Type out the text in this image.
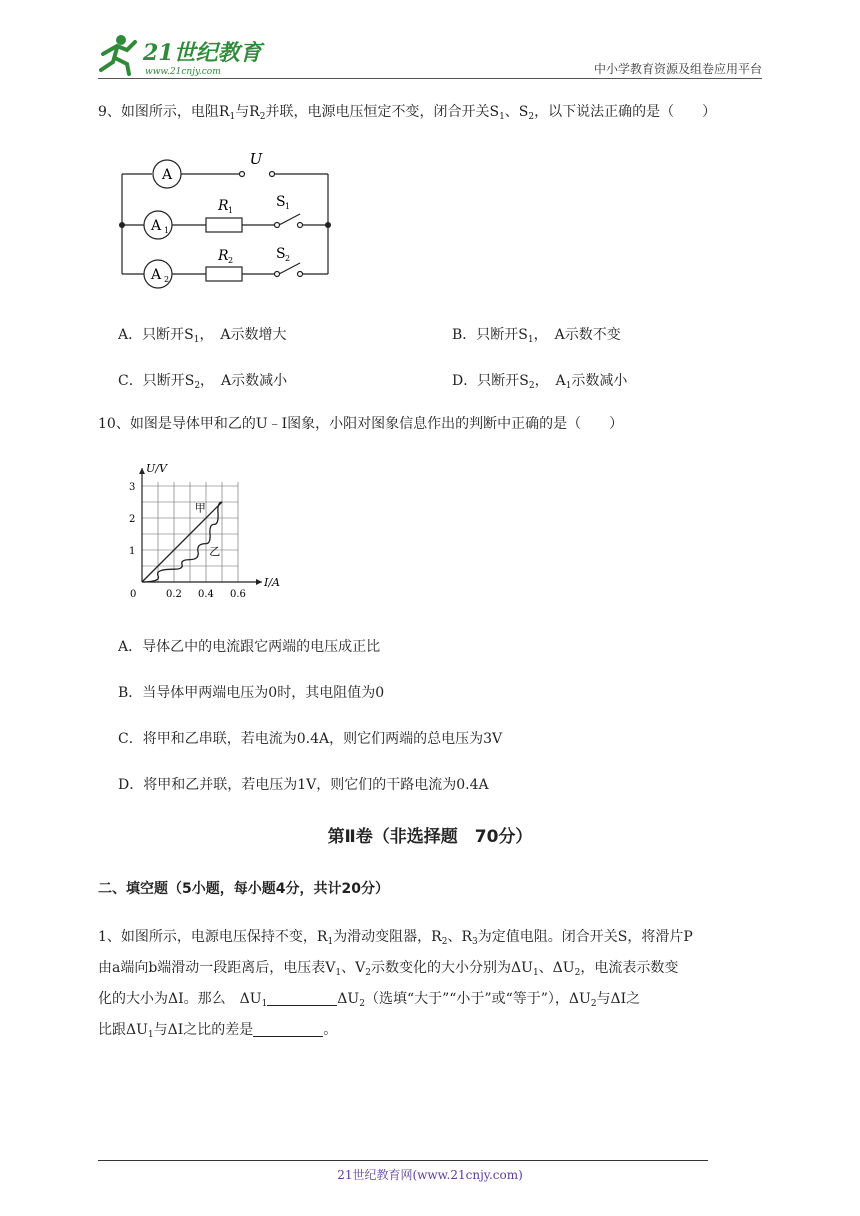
21世纪教育
www.21cnjy.com	中小学教育资源及组卷应用平台
9、如图所示，电阻$R_1$与$R_2$并联，电源电压恒定不变，闭合开关$S_1$、$S_2$，以下说法正确的是（　　）
A
A 1
A 2
U
R 1
R 2
S 1
S 2
A．只断开$S_1$，　A示数增大	B．只断开$S_1$，　A示数不变
C．只断开$S_2$，　A示数减小	D．只断开$S_2$，　$A_1$示数减小
10、如图是导体甲和乙的U﹣I图象，小阳对图象信息作出的判断中正确的是（　　）
0.2 0.4 0.6
1
2
3
0
I/A
U/V
甲
乙
A．导体乙中的电流跟它两端的电压成正比
B．当导体甲两端电压为0时，其电阻值为0
C．将甲和乙串联，若电流为0.4A，则它们两端的总电压为3V
D．将甲和乙并联，若电压为1V，则它们的干路电流为0.4A
第Ⅱ卷（非选择题　70分）
二、填空题（5小题，每小题4分，共计20分）
1、如图所示，电源电压保持不变，$R_1$为滑动变阻器，$R_2$、$R_3$为定值电阻。闭合开关S，将滑片P
由a端向b端滑动一段距离后，电压表$V_1$、$V_2$示数变化的大小分别为$\Delta U_1$、$\Delta U_2$，电流表示数变
化的大小为ΔI。那么　$\Delta U_1$	$\Delta U_2$（选填“大于”“小于”或“等于”），$\Delta U_2$与ΔI之
比跟$\Delta U_1$与ΔI之比的差是	。
21世纪教育网(www.21cnjy.com)
